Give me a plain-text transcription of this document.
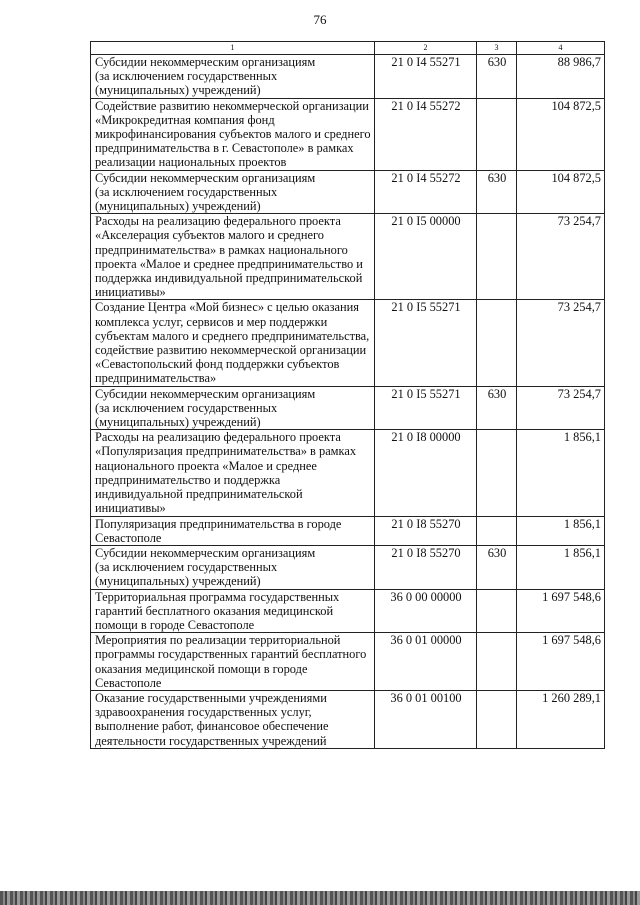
76
1	2	3	4
Субсидии некоммерческим организациям
(за исключением государственных
(муниципальных) учреждений)	21 0 I4 55271	630	88 986,7
Содействие развитию некоммерческой организации «Микрокредитная компания фонд микрофинансирования субъектов малого и среднего предпринимательства в г. Севастополе» в рамках реализации национальных проектов	21 0 I4 55272		104 872,5
Субсидии некоммерческим организациям
(за исключением государственных
(муниципальных) учреждений)	21 0 I4 55272	630	104 872,5
Расходы на реализацию федерального проекта «Акселерация субъектов малого и среднего предпринимательства» в рамках национального проекта «Малое и среднее предпринимательство и поддержка индивидуальной предпринимательской инициативы»	21 0 I5 00000		73 254,7
Создание Центра «Мой бизнес» с целью оказания комплекса услуг, сервисов и мер поддержки субъектам малого и среднего предпринимательства, содействие развитию некоммерческой организации «Севастопольский фонд поддержки субъектов предпринимательства»	21 0 I5 55271		73 254,7
Субсидии некоммерческим организациям
(за исключением государственных
(муниципальных) учреждений)	21 0 I5 55271	630	73 254,7
Расходы на реализацию федерального проекта «Популяризация предпринимательства» в рамках национального проекта «Малое и среднее предпринимательство и поддержка индивидуальной предпринимательской инициативы»	21 0 I8 00000		1 856,1
Популяризация предпринимательства в городе Севастополе	21 0 I8 55270		1 856,1
Субсидии некоммерческим организациям
(за исключением государственных
(муниципальных) учреждений)	21 0 I8 55270	630	1 856,1
Территориальная программа государственных гарантий бесплатного оказания медицинской помощи в городе Севастополе	36 0 00 00000		1 697 548,6
Мероприятия по реализации территориальной программы государственных гарантий бесплатного оказания медицинской помощи в городе Севастополе	36 0 01 00000		1 697 548,6
Оказание государственными учреждениями здравоохранения государственных услуг, выполнение работ, финансовое обеспечение деятельности государственных учреждений	36 0 01 00100		1 260 289,1
